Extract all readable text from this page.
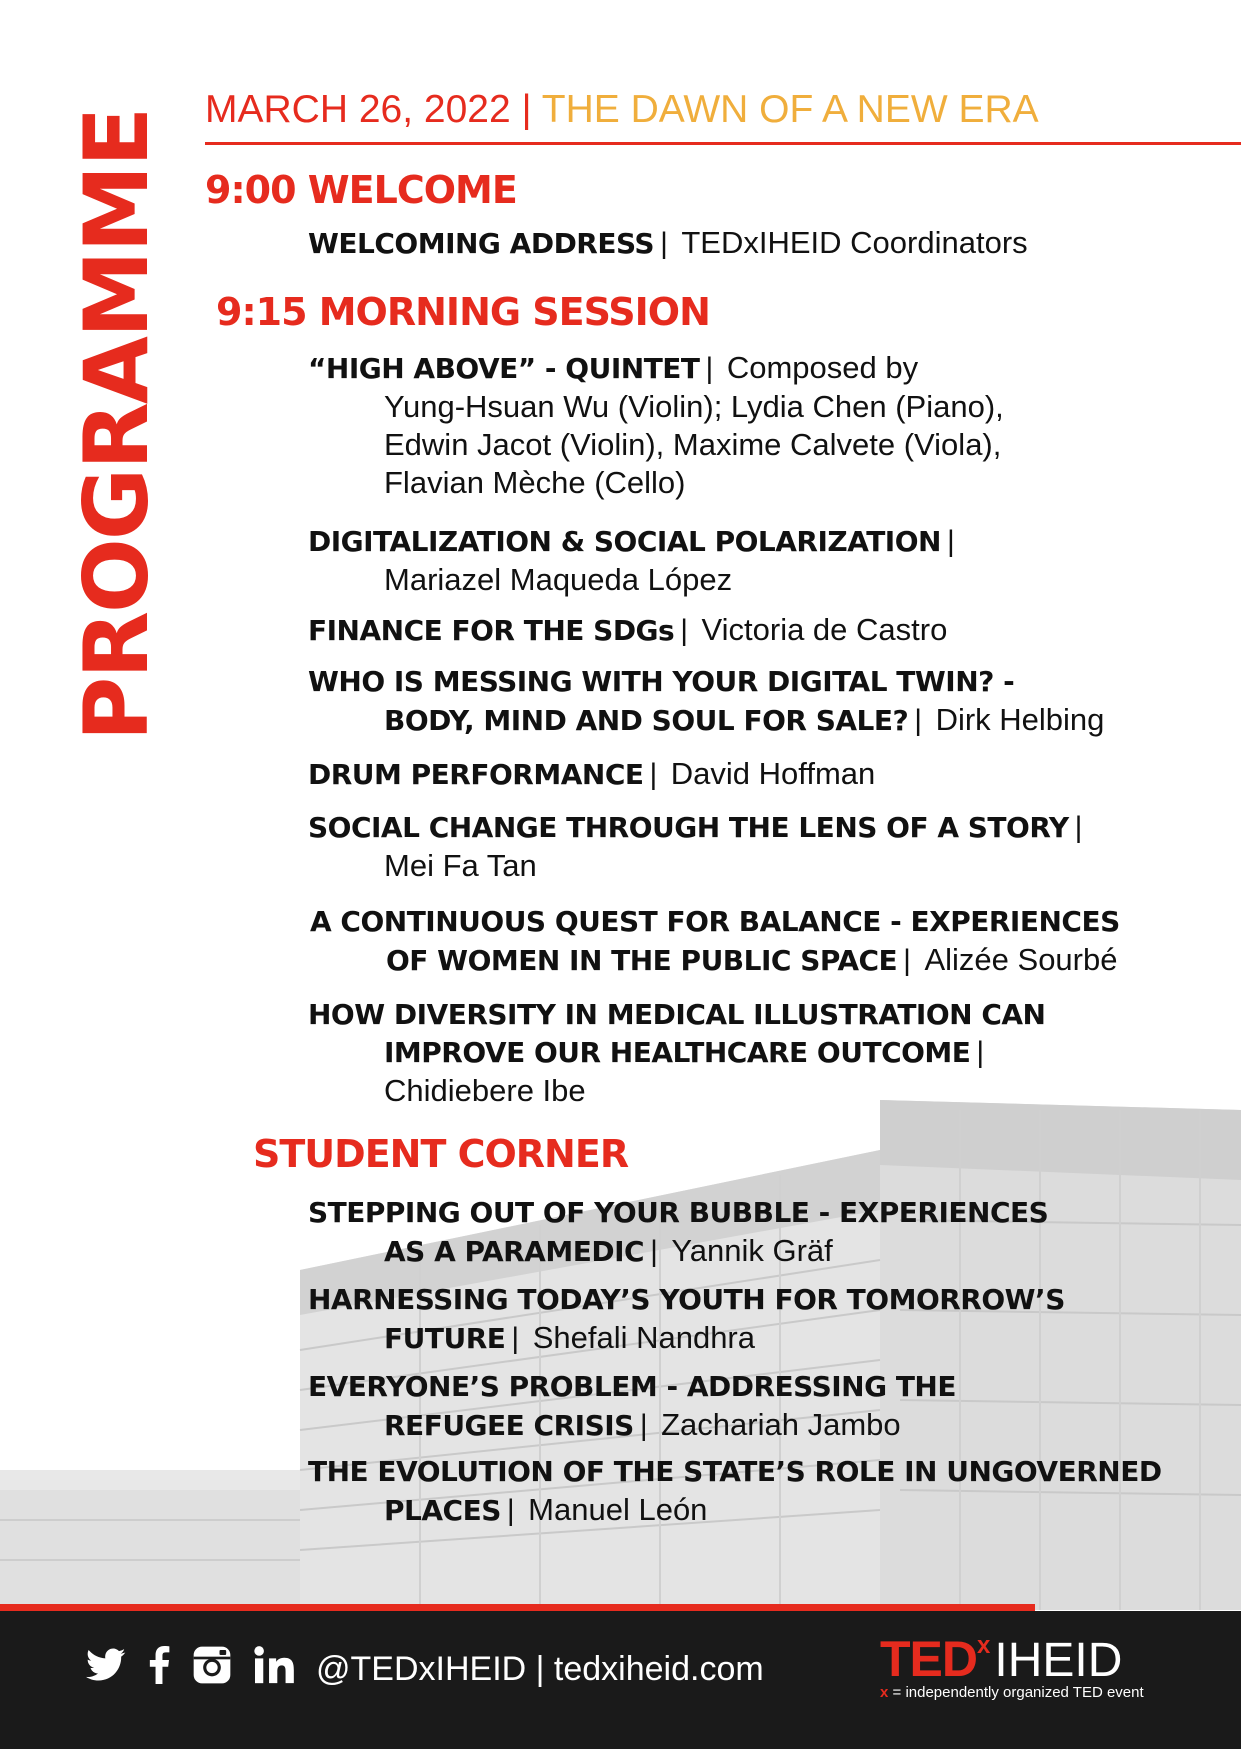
PROGRAMME MARCH 26, 2022 | THE DAWN OF A NEW ERA
9:00 WELCOME
WELCOMING ADDRESS | TEDxIHEID Coordinators
9:15 MORNING SESSION
“HIGH ABOVE” - QUINTET | Composed by
Yung-Hsuan Wu (Violin); Lydia Chen (Piano),
Edwin Jacot (Violin), Maxime Calvete (Viola),
Flavian Mèche (Cello)
DIGITALIZATION & SOCIAL POLARIZATION |
Mariazel Maqueda López
FINANCE FOR THE SDGs | Victoria de Castro
WHO IS MESSING WITH YOUR DIGITAL TWIN? -
BODY, MIND AND SOUL FOR SALE? | Dirk Helbing
DRUM PERFORMANCE | David Hoffman
SOCIAL CHANGE THROUGH THE LENS OF A STORY |
Mei Fa Tan
A CONTINUOUS QUEST FOR BALANCE - EXPERIENCES
OF WOMEN IN THE PUBLIC SPACE | Alizée Sourbé
HOW DIVERSITY IN MEDICAL ILLUSTRATION CAN
IMPROVE OUR HEALTHCARE OUTCOME |
Chidiebere Ibe
STUDENT CORNER
STEPPING OUT OF YOUR BUBBLE - EXPERIENCES
AS A PARAMEDIC | Yannik Gräf
HARNESSING TODAY’S YOUTH FOR TOMORROW’S
FUTURE | Shefali Nandhra
EVERYONE’S PROBLEM - ADDRESSING THE
REFUGEE CRISIS | Zachariah Jambo
THE EVOLUTION OF THE STATE’S ROLE IN UNGOVERNED
PLACES | Manuel León
@TEDxIHEID | tedxiheid.com TEDxIHEID
x = independently organized TED event
